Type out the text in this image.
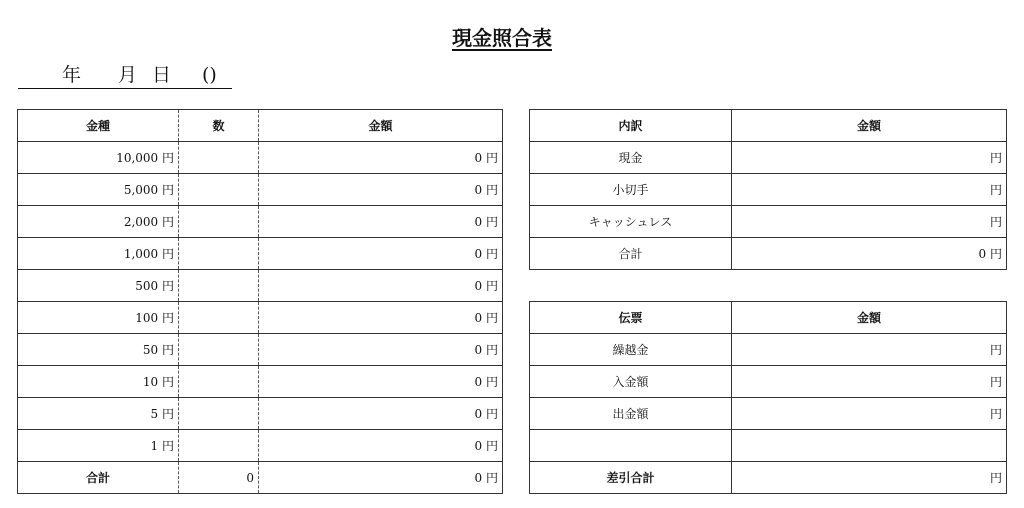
現金照合表
年 月 日 ()
金種	数	金額
10,000 円		0 円
5,000 円		0 円
2,000 円		0 円
1,000 円		0 円
500 円		0 円
100 円		0 円
50 円		0 円
10 円		0 円
5 円		0 円
1 円		0 円
合計	0	0 円
内訳	金額
現金	円
小切手	円
キャッシュレス	円
合計	0 円
伝票	金額
繰越金	円
入金額	円
出金額	円

差引合計	円
